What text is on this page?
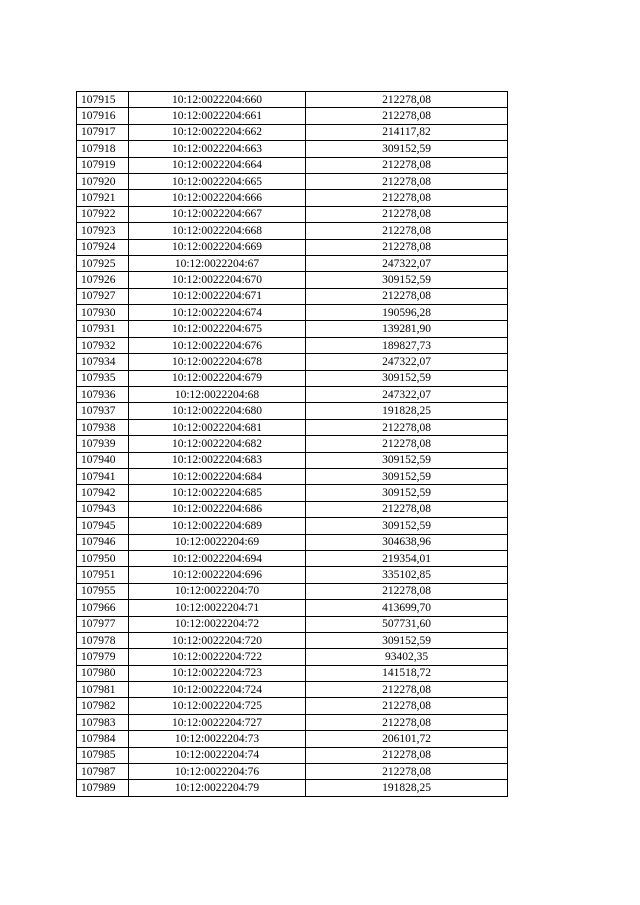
107915	10:12:0022204:660	212278,08
107916	10:12:0022204:661	212278,08
107917	10:12:0022204:662	214117,82
107918	10:12:0022204:663	309152,59
107919	10:12:0022204:664	212278,08
107920	10:12:0022204:665	212278,08
107921	10:12:0022204:666	212278,08
107922	10:12:0022204:667	212278,08
107923	10:12:0022204:668	212278,08
107924	10:12:0022204:669	212278,08
107925	10:12:0022204:67	247322,07
107926	10:12:0022204:670	309152,59
107927	10:12:0022204:671	212278,08
107930	10:12:0022204:674	190596,28
107931	10:12:0022204:675	139281,90
107932	10:12:0022204:676	189827,73
107934	10:12:0022204:678	247322,07
107935	10:12:0022204:679	309152,59
107936	10:12:0022204:68	247322,07
107937	10:12:0022204:680	191828,25
107938	10:12:0022204:681	212278,08
107939	10:12:0022204:682	212278,08
107940	10:12:0022204:683	309152,59
107941	10:12:0022204:684	309152,59
107942	10:12:0022204:685	309152,59
107943	10:12:0022204:686	212278,08
107945	10:12:0022204:689	309152,59
107946	10:12:0022204:69	304638,96
107950	10:12:0022204:694	219354,01
107951	10:12:0022204:696	335102,85
107955	10:12:0022204:70	212278,08
107966	10:12:0022204:71	413699,70
107977	10:12:0022204:72	507731,60
107978	10:12:0022204:720	309152,59
107979	10:12:0022204:722	93402,35
107980	10:12:0022204:723	141518,72
107981	10:12:0022204:724	212278,08
107982	10:12:0022204:725	212278,08
107983	10:12:0022204:727	212278,08
107984	10:12:0022204:73	206101,72
107985	10:12:0022204:74	212278,08
107987	10:12:0022204:76	212278,08
107989	10:12:0022204:79	191828,25
